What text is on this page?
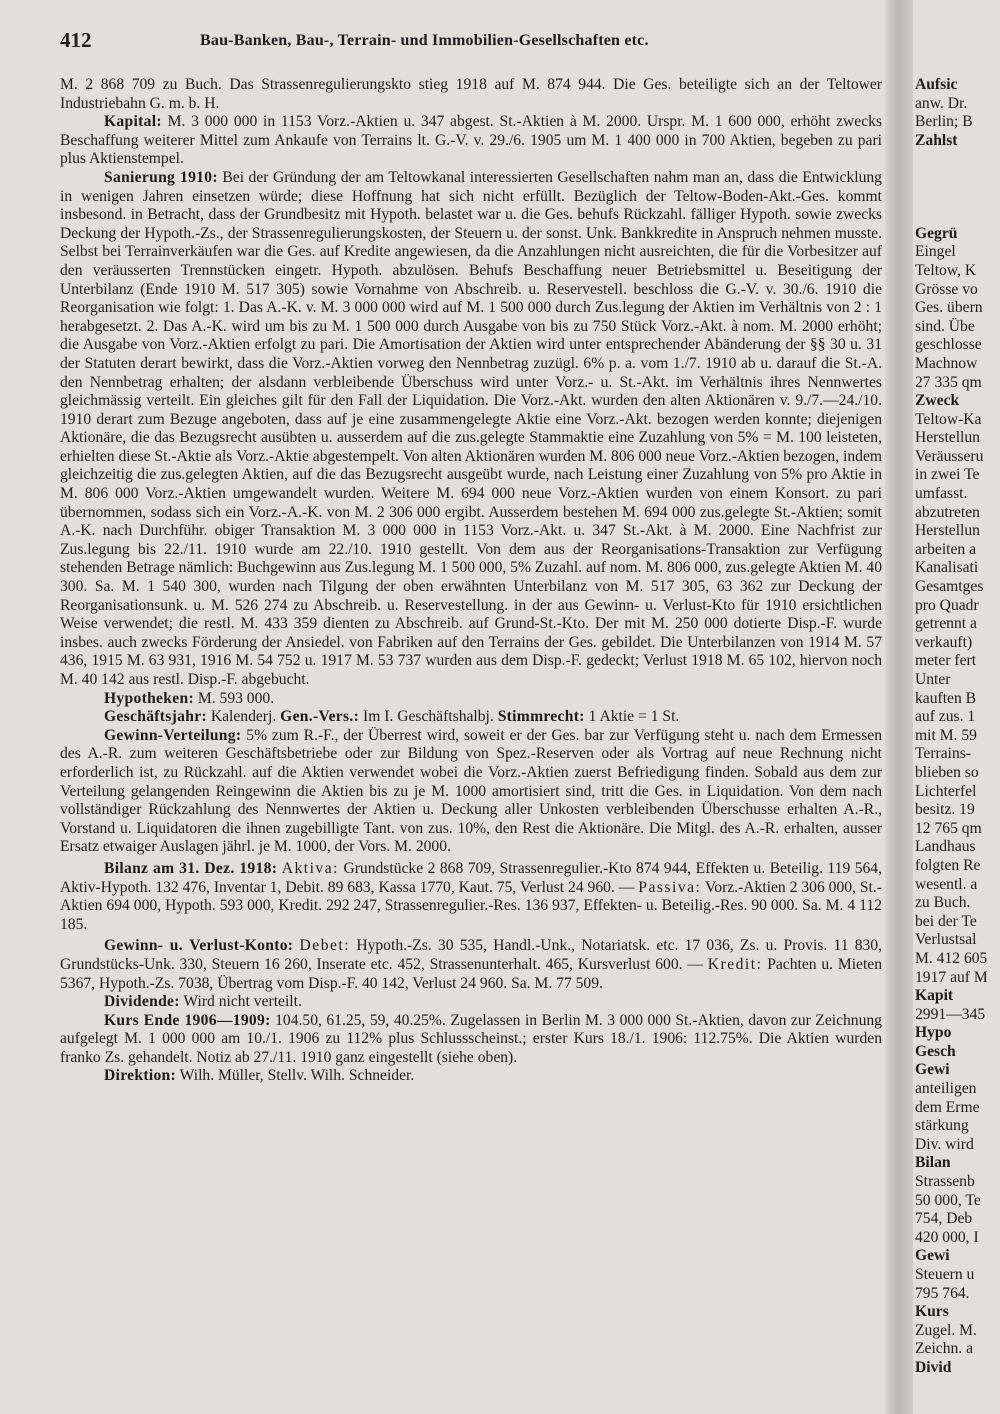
412	Bau-Banken, Bau-, Terrain- und Immobilien-Gesellschaften etc.

M. 2 868 709 zu Buch. Das Strassenregulierungskto stieg 1918 auf M. 874 944. Die Ges. beteiligte sich an der Teltower Industriebahn G. m. b. H.

Kapital: M. 3 000 000 in 1153 Vorz.-Aktien u. 347 abgest. St.-Aktien à M. 2000. Urspr. M. 1 600 000, erhöht zwecks Beschaffung weiterer Mittel zum Ankaufe von Terrains lt. G.-V. v. 29./6. 1905 um M. 1 400 000 in 700 Aktien, begeben zu pari plus Aktienstempel.

Sanierung 1910: Bei der Gründung der am Teltowkanal interessierten Gesellschaften nahm man an, dass die Entwicklung in wenigen Jahren einsetzen würde; diese Hoffnung hat sich nicht erfüllt. Bezüglich der Teltow-Boden-Akt.-Ges. kommt insbesond. in Betracht, dass der Grundbesitz mit Hypoth. belastet war u. die Ges. behufs Rückzahl. fälliger Hypoth. sowie zwecks Deckung der Hypoth.-Zs., der Strassenregulierungskosten, der Steuern u. der sonst. Unk. Bankkredite in Anspruch nehmen musste. Selbst bei Terrainverkäufen war die Ges. auf Kredite angewiesen, da die Anzahlungen nicht ausreichten, die für die Vorbesitzer auf den veräusserten Trennstücken eingetr. Hypoth. abzulösen. Behufs Beschaffung neuer Betriebsmittel u. Beseitigung der Unterbilanz (Ende 1910 M. 517 305) sowie Vornahme von Abschreib. u. Reservestell. beschloss die G.-V. v. 30./6. 1910 die Reorganisation wie folgt: 1. Das A.-K. v. M. 3 000 000 wird auf M. 1 500 000 durch Zus.legung der Aktien im Verhältnis von 2 : 1 herabgesetzt. 2. Das A.-K. wird um bis zu M. 1 500 000 durch Ausgabe von bis zu 750 Stück Vorz.-Akt. à nom. M. 2000 erhöht; die Ausgabe von Vorz.-Aktien erfolgt zu pari. Die Amortisation der Aktien wird unter entsprechender Abänderung der §§ 30 u. 31 der Statuten derart bewirkt, dass die Vorz.-Aktien vorweg den Nennbetrag zuzügl. 6% p. a. vom 1./7. 1910 ab u. darauf die St.-A. den Nennbetrag erhalten; der alsdann verbleibende Überschuss wird unter Vorz.- u. St.-Akt. im Verhältnis ihres Nennwertes gleichmässig verteilt. Ein gleiches gilt für den Fall der Liquidation. Die Vorz.-Akt. wurden den alten Aktionären v. 9./7.—24./10. 1910 derart zum Bezuge angeboten, dass auf je eine zusammengelegte Aktie eine Vorz.-Akt. bezogen werden konnte; diejenigen Aktionäre, die das Bezugsrecht ausübten u. ausserdem auf die zus.gelegte Stammaktie eine Zuzahlung von 5% = M. 100 leisteten, erhielten diese St.-Aktie als Vorz.-Aktie abgestempelt. Von alten Aktionären wurden M. 806 000 neue Vorz.-Aktien bezogen, indem gleichzeitig die zus.gelegten Aktien, auf die das Bezugsrecht ausgeübt wurde, nach Leistung einer Zuzahlung von 5% pro Aktie in M. 806 000 Vorz.-Aktien umgewandelt wurden. Weitere M. 694 000 neue Vorz.-Aktien wurden von einem Konsort. zu pari übernommen, sodass sich ein Vorz.-A.-K. von M. 2 306 000 ergibt. Ausserdem bestehen M. 694 000 zus.gelegte St.-Aktien; somit A.-K. nach Durchführ. obiger Transaktion M. 3 000 000 in 1153 Vorz.-Akt. u. 347 St.-Akt. à M. 2000. Eine Nachfrist zur Zus.legung bis 22./11. 1910 wurde am 22./10. 1910 gestellt. Von dem aus der Reorganisations-Transaktion zur Verfügung stehenden Betrage nämlich: Buchgewinn aus Zus.legung M. 1 500 000, 5% Zuzahl. auf nom. M. 806 000, zus.gelegte Aktien M. 40 300. Sa. M. 1 540 300, wurden nach Tilgung der oben erwähnten Unterbilanz von M. 517 305, 63 362 zur Deckung der Reorganisationsunk. u. M. 526 274 zu Abschreib. u. Reservestellung. in der aus Gewinn- u. Verlust-Kto für 1910 ersichtlichen Weise verwendet; die restl. M. 433 359 dienten zu Abschreib. auf Grund-St.-Kto. Der mit M. 250 000 dotierte Disp.-F. wurde insbes. auch zwecks Förderung der Ansiedel. von Fabriken auf den Terrains der Ges. gebildet. Die Unterbilanzen von 1914 M. 57 436, 1915 M. 63 931, 1916 M. 54 752 u. 1917 M. 53 737 wurden aus dem Disp.-F. gedeckt; Verlust 1918 M. 65 102, hiervon noch M. 40 142 aus restl. Disp.-F. abgebucht.

Hypotheken: M. 593 000.

Geschäftsjahr: Kalenderj. Gen.-Vers.: Im I. Geschäftshalbj. Stimmrecht: 1 Aktie = 1 St.

Gewinn-Verteilung: 5% zum R.-F., der Überrest wird, soweit er der Ges. bar zur Verfügung steht u. nach dem Ermessen des A.-R. zum weiteren Geschäftsbetriebe oder zur Bildung von Spez.-Reserven oder als Vortrag auf neue Rechnung nicht erforderlich ist, zu Rückzahl. auf die Aktien verwendet wobei die Vorz.-Aktien zuerst Befriedigung finden. Sobald aus dem zur Verteilung gelangenden Reingewinn die Aktien bis zu je M. 1000 amortisiert sind, tritt die Ges. in Liquidation. Von dem nach vollständiger Rückzahlung des Nennwertes der Aktien u. Deckung aller Unkosten verbleibenden Überschusse erhalten A.-R., Vorstand u. Liquidatoren die ihnen zugebilligte Tant. von zus. 10%, den Rest die Aktionäre. Die Mitgl. des A.-R. erhalten, ausser Ersatz etwaiger Auslagen jährl. je M. 1000, der Vors. M. 2000.

Bilanz am 31. Dez. 1918: Aktiva: Grundstücke 2 868 709, Strassenregulier.-Kto 874 944, Effekten u. Beteilig. 119 564, Aktiv-Hypoth. 132 476, Inventar 1, Debit. 89 683, Kassa 1770, Kaut. 75, Verlust 24 960. — Passiva: Vorz.-Aktien 2 306 000, St.-Aktien 694 000, Hypoth. 593 000, Kredit. 292 247, Strassenregulier.-Res. 136 937, Effekten- u. Beteilig.-Res. 90 000. Sa. M. 4 112 185.

Gewinn- u. Verlust-Konto: Debet: Hypoth.-Zs. 30 535, Handl.-Unk., Notariatsk. etc. 17 036, Zs. u. Provis. 11 830, Grundstücks-Unk. 330, Steuern 16 260, Inserate etc. 452, Strassenunterhalt. 465, Kursverlust 600. — Kredit: Pachten u. Mieten 5367, Hypoth.-Zs. 7038, Übertrag vom Disp.-F. 40 142, Verlust 24 960. Sa. M. 77 509.

Dividende: Wird nicht verteilt.

Kurs Ende 1906—1909: 104.50, 61.25, 59, 40.25%. Zugelassen in Berlin M. 3 000 000 St.-Aktien, davon zur Zeichnung aufgelegt M. 1 000 000 am 10./1. 1906 zu 112% plus Schlussscheinst.; erster Kurs 18./1. 1906: 112.75%. Die Aktien wurden franko Zs. gehandelt. Notiz ab 27./11. 1910 ganz eingestellt (siehe oben).

Direktion: Wilh. Müller, Stellv. Wilh. Schneider.

Aufsic
anw. Dr.
Berlin; B
Zahlst
Gegrü
Eingel
Teltow, K
Grösse vo
Ges. übern
sind. Übe
geschlosse
Machnow
27 335 qm
Zweck
Teltow-Ka
Herstellun
Veräusseru
in zwei Te
umfasst.
abzutreten
Herstellun
arbeiten a
Kanalisati
Gesamtges
pro Quadr
getrennt a
verkauft)
meter fert
Unter
kauften B
auf zus. 1
mit M. 59
Terrains-
blieben so
Lichterfel
besitz. 19
12 765 qm
Landhaus
folgten Re
wesentl. a
zu Buch.
bei der Te
Verlustsal
M. 412 605
1917 auf M
Kapit
2991—345
Hypo
Gesch
Gewi
anteiligen
dem Erme
stärkung
Div. wird
Bilan
Strassenb
50 000, Te
754, Deb
420 000, I
Gewi
Steuern u
795 764.
Kurs
Zugel. M.
Zeichn. a
Divid
